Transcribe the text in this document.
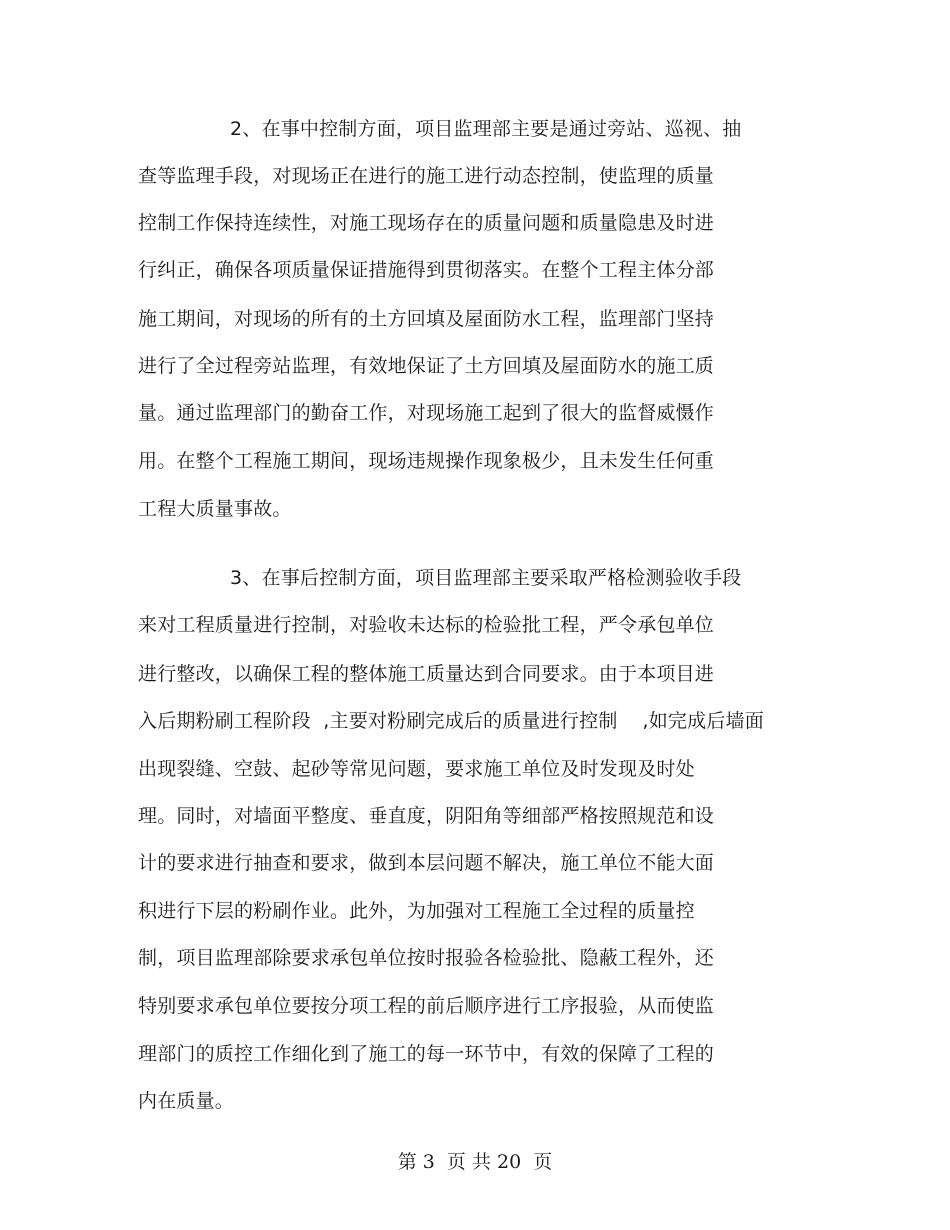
2、在事中控制方面，项目监理部主要是通过旁站、巡视、抽
查等监理手段，对现场正在进行的施工进行动态控制，使监理的质量
控制工作保持连续性，对施工现场存在的质量问题和质量隐患及时进
行纠正，确保各项质量保证措施得到贯彻落实。在整个工程主体分部
施工期间，对现场的所有的土方回填及屋面防水工程，监理部门坚持
进行了全过程旁站监理，有效地保证了土方回填及屋面防水的施工质
量。通过监理部门的勤奋工作，对现场施工起到了很大的监督威慑作
用。在整个工程施工期间，现场违规操作现象极少，且未发生任何重
工程大质量事故。
3、在事后控制方面，项目监理部主要采取严格检测验收手段
来对工程质量进行控制，对验收未达标的检验批工程，严令承包单位
进行整改，以确保工程的整体施工质量达到合同要求。由于本项目进
入后期粉刷工程阶段  ,主要对粉刷完成后的质量进行控制    ,如完成后墙面
出现裂缝、空鼓、起砂等常见问题，要求施工单位及时发现及时处
理。同时，对墙面平整度、垂直度，阴阳角等细部严格按照规范和设
计的要求进行抽查和要求，做到本层问题不解决，施工单位不能大面
积进行下层的粉刷作业。此外，为加强对工程施工全过程的质量控
制，项目监理部除要求承包单位按时报验各检验批、隐蔽工程外，还
特别要求承包单位要按分项工程的前后顺序进行工序报验，从而使监
理部门的质控工作细化到了施工的每一环节中，有效的保障了工程的
内在质量。
第 3  页 共 20  页
